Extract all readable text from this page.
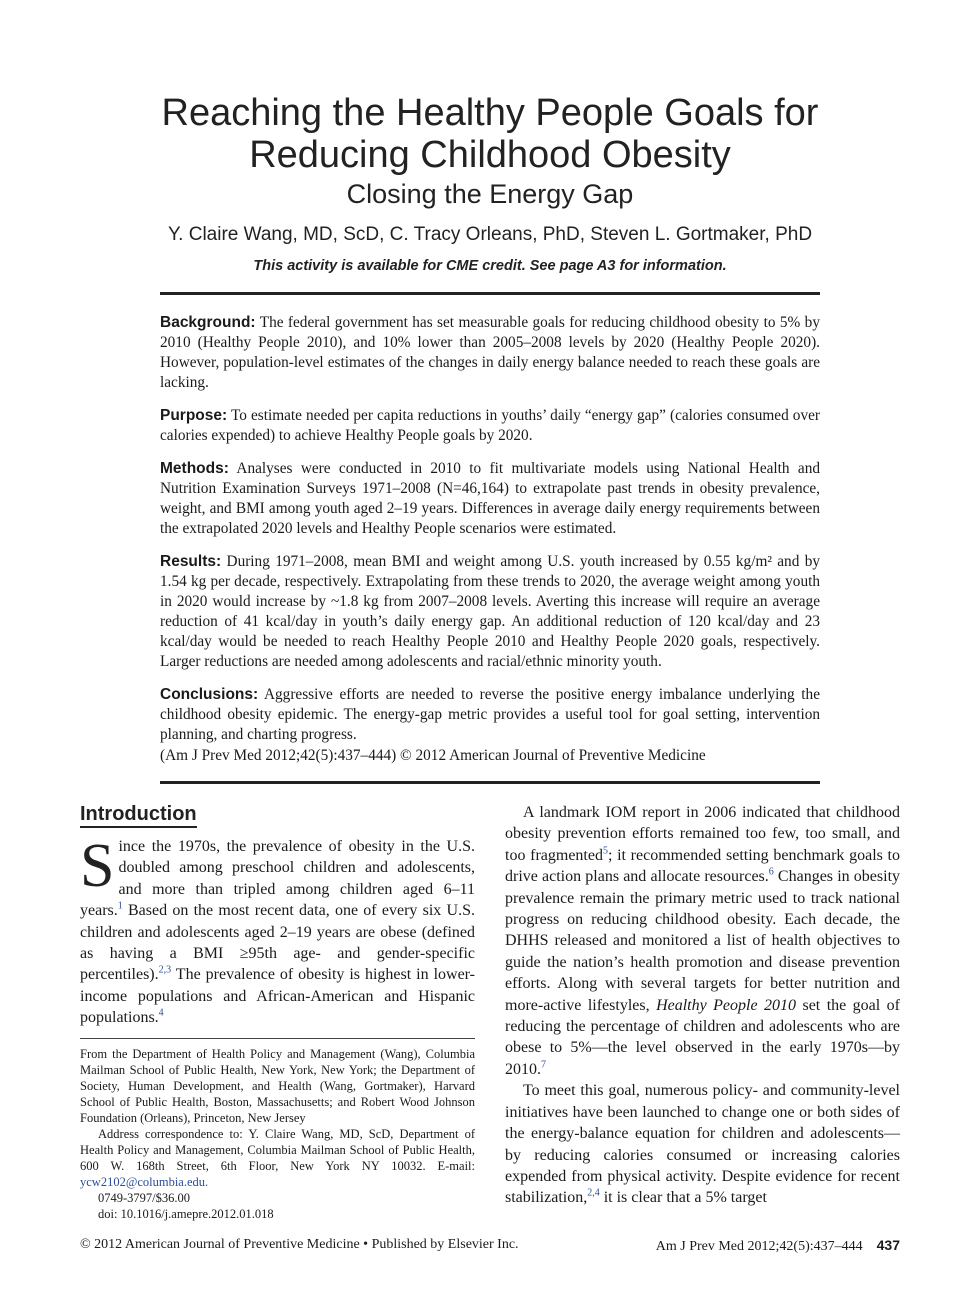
Reaching the Healthy People Goals for
Reducing Childhood Obesity
Closing the Energy Gap
Y. Claire Wang, MD, ScD, C. Tracy Orleans, PhD, Steven L. Gortmaker, PhD
This activity is available for CME credit. See page A3 for information.

Background: The federal government has set measurable goals for reducing childhood obesity to 5% by 2010 (Healthy People 2010), and 10% lower than 2005–2008 levels by 2020 (Healthy People 2020). However, population-level estimates of the changes in daily energy balance needed to reach these goals are lacking.

Purpose: To estimate needed per capita reductions in youths’ daily “energy gap” (calories consumed over calories expended) to achieve Healthy People goals by 2020.

Methods: Analyses were conducted in 2010 to fit multivariate models using National Health and Nutrition Examination Surveys 1971–2008 (N=46,164) to extrapolate past trends in obesity prevalence, weight, and BMI among youth aged 2–19 years. Differences in average daily energy requirements between the extrapolated 2020 levels and Healthy People scenarios were estimated.

Results: During 1971–2008, mean BMI and weight among U.S. youth increased by 0.55 kg/m² and by 1.54 kg per decade, respectively. Extrapolating from these trends to 2020, the average weight among youth in 2020 would increase by ~1.8 kg from 2007–2008 levels. Averting this increase will require an average reduction of 41 kcal/day in youth’s daily energy gap. An additional reduction of 120 kcal/day and 23 kcal/day would be needed to reach Healthy People 2010 and Healthy People 2020 goals, respectively. Larger reductions are needed among adolescents and racial/ethnic minority youth.

Conclusions: Aggressive efforts are needed to reverse the positive energy imbalance underlying the childhood obesity epidemic. The energy-gap metric provides a useful tool for goal setting, intervention planning, and charting progress.

(Am J Prev Med 2012;42(5):437–444) © 2012 American Journal of Preventive Medicine

Introduction

Since the 1970s, the prevalence of obesity in the U.S. doubled among preschool children and adolescents, and more than tripled among children aged 6–11 years.$^1$ Based on the most recent data, one of every six U.S. children and adolescents aged 2–19 years are obese (defined as having a BMI ≥95th age- and gender-specific percentiles).$^{2,3}$ The prevalence of obesity is highest in lower-income populations and African-American and Hispanic populations.$^4$

From the Department of Health Policy and Management (Wang), Columbia Mailman School of Public Health, New York, New York; the Department of Society, Human Development, and Health (Wang, Gortmaker), Harvard School of Public Health, Boston, Massachusetts; and Robert Wood Johnson Foundation (Orleans), Princeton, New Jersey

Address correspondence to: Y. Claire Wang, MD, ScD, Department of Health Policy and Management, Columbia Mailman School of Public Health, 600 W. 168th Street, 6th Floor, New York NY 10032. E-mail: ycw2102@columbia.edu.

0749-3797/$36.00

doi: 10.1016/j.amepre.2012.01.018

A landmark IOM report in 2006 indicated that childhood obesity prevention efforts remained too few, too small, and too fragmented$^5$; it recommended setting benchmark goals to drive action plans and allocate resources.$^6$ Changes in obesity prevalence remain the primary metric used to track national progress on reducing childhood obesity. Each decade, the DHHS released and monitored a list of health objectives to guide the nation’s health promotion and disease prevention efforts. Along with several targets for better nutrition and more-active lifestyles, Healthy People 2010 set the goal of reducing the percentage of children and adolescents who are obese to 5%—the level observed in the early 1970s—by 2010.$^7$

To meet this goal, numerous policy- and community-level initiatives have been launched to change one or both sides of the energy-balance equation for children and adolescents—by reducing calories consumed or increasing calories expended from physical activity. Despite evidence for recent stabilization,$^{2,4}$ it is clear that a 5% target

© 2012 American Journal of Preventive Medicine • Published by Elsevier Inc.	Am J Prev Med 2012;42(5):437–444 437
